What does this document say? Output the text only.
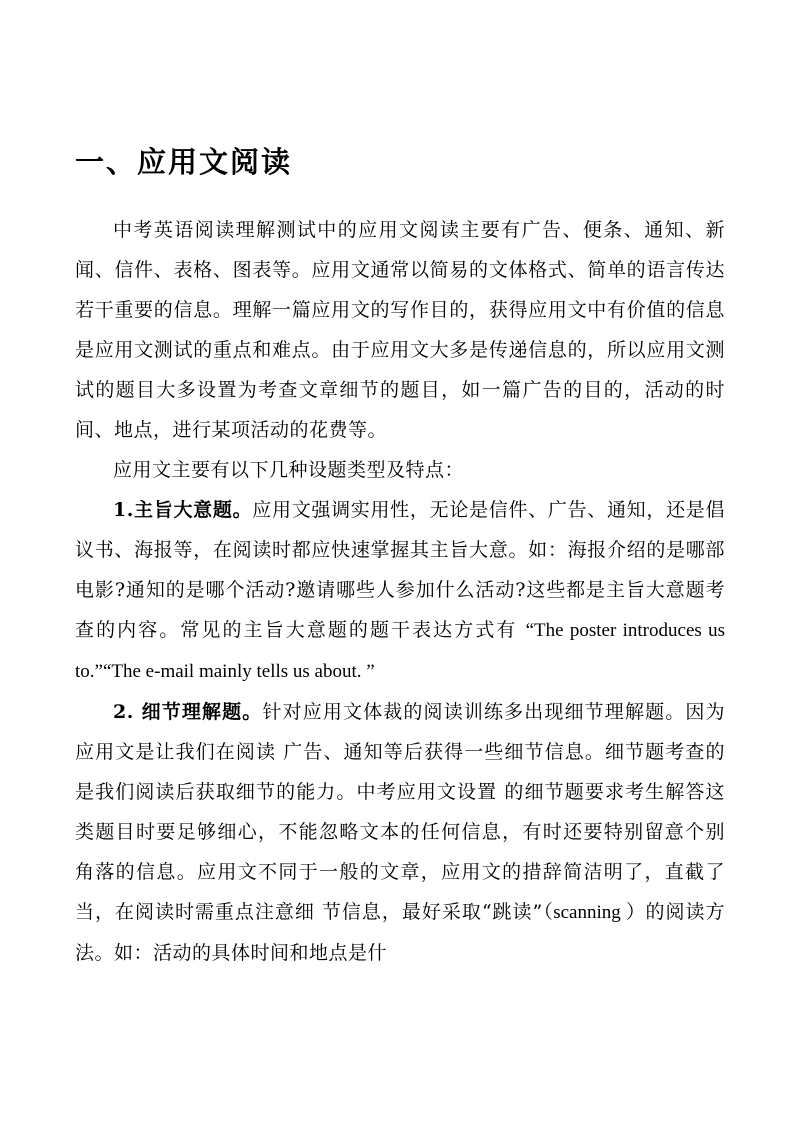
一、应用文阅读

中考英语阅读理解测试中的应用文阅读主要有广告、便条、通知、新闻、信件、表格、图表等。应用文通常以简易的文体格式、简单的语言传达若干重要的信息。理解一篇应用文的写作目的，获得应用文中有价值的信息是应用文测试的重点和难点。由于应用文大多是传递信息的，所以应用文测试的题目大多设置为考查文章细节的题目，如一篇广告的目的，活动的时间、地点，进行某项活动的花费等。

应用文主要有以下几种设题类型及特点：

1.主旨大意题。应用文强调实用性，无论是信件、广告、通知，还是倡议书、海报等，在阅读时都应快速掌握其主旨大意。如：海报介绍的是哪部电影?通知的是哪个活动?邀请哪些人参加什么活动?这些都是主旨大意题考查的内容。常见的主旨大意题的题干表达方式有 “The poster introduces us to.”“The e-mail mainly tells us about. ”

2. 细节理解题。针对应用文体裁的阅读训练多出现细节理解题。因为应用文是让我们在阅读 广告、通知等后获得一些细节信息。细节题考查的是我们阅读后获取细节的能力。中考应用文设置 的细节题要求考生解答这类题目时要足够细心，不能忽略文本的任何信息，有时还要特别留意个别 角落的信息。应用文不同于一般的文章，应用文的措辞简洁明了，直截了当，在阅读时需重点注意细 节信息，最好采取“跳读”（scanning ）的阅读方法。如：活动的具体时间和地点是什
